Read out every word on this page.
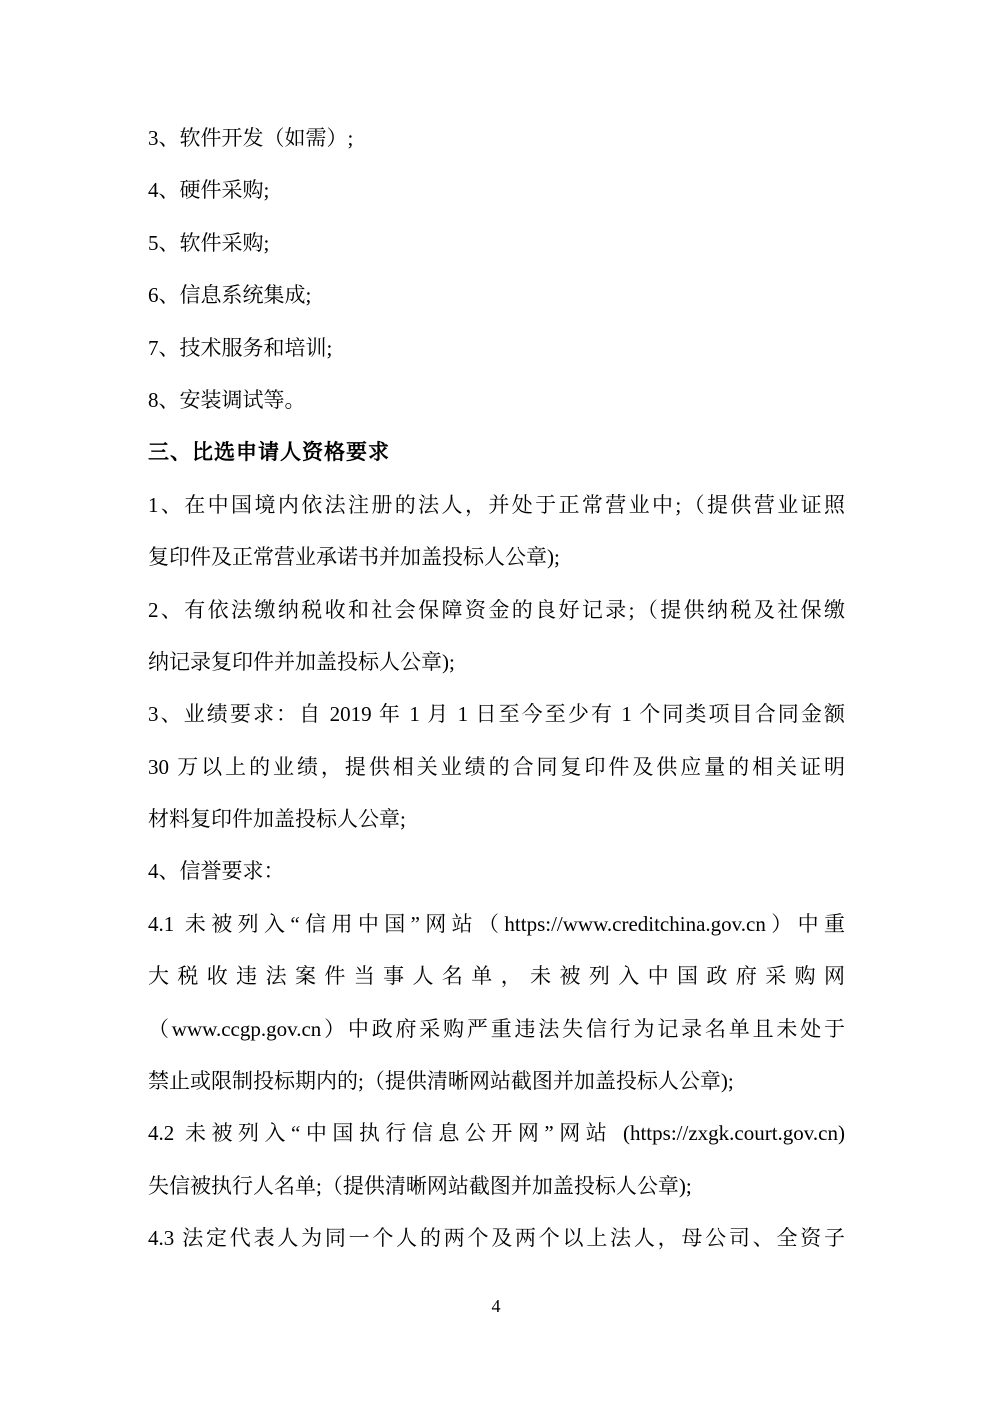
3、软件开发（如需）;
4、硬件采购;
5、软件采购;
6、信息系统集成;
7、技术服务和培训;
8、安装调试等。
三、比选申请人资格要求
1、在中国境内依法注册的法人，并处于正常营业中;（提供营业证照
复印件及正常营业承诺书并加盖投标人公章);
2、有依法缴纳税收和社会保障资金的良好记录;（提供纳税及社保缴
纳记录复印件并加盖投标人公章);
3、业绩要求：自 2019 年 1 月 1 日至今至少有 1 个同类项目合同金额
30 万以上的业绩，提供相关业绩的合同复印件及供应量的相关证明
材料复印件加盖投标人公章;
4、信誉要求：
4.1 未被列入“信用中国”网站（https://www.creditchina.gov.cn）中重
大税收违法案件当事人名单，未被列入中国政府采购网
（www.ccgp.gov.cn）中政府采购严重违法失信行为记录名单且未处于
禁止或限制投标期内的;（提供清晰网站截图并加盖投标人公章);
4.2 未被列入“中国执行信息公开网”网站 (https://zxgk.court.gov.cn)
失信被执行人名单;（提供清晰网站截图并加盖投标人公章);
4.3 法定代表人为同一个人的两个及两个以上法人，母公司、全资子
4
